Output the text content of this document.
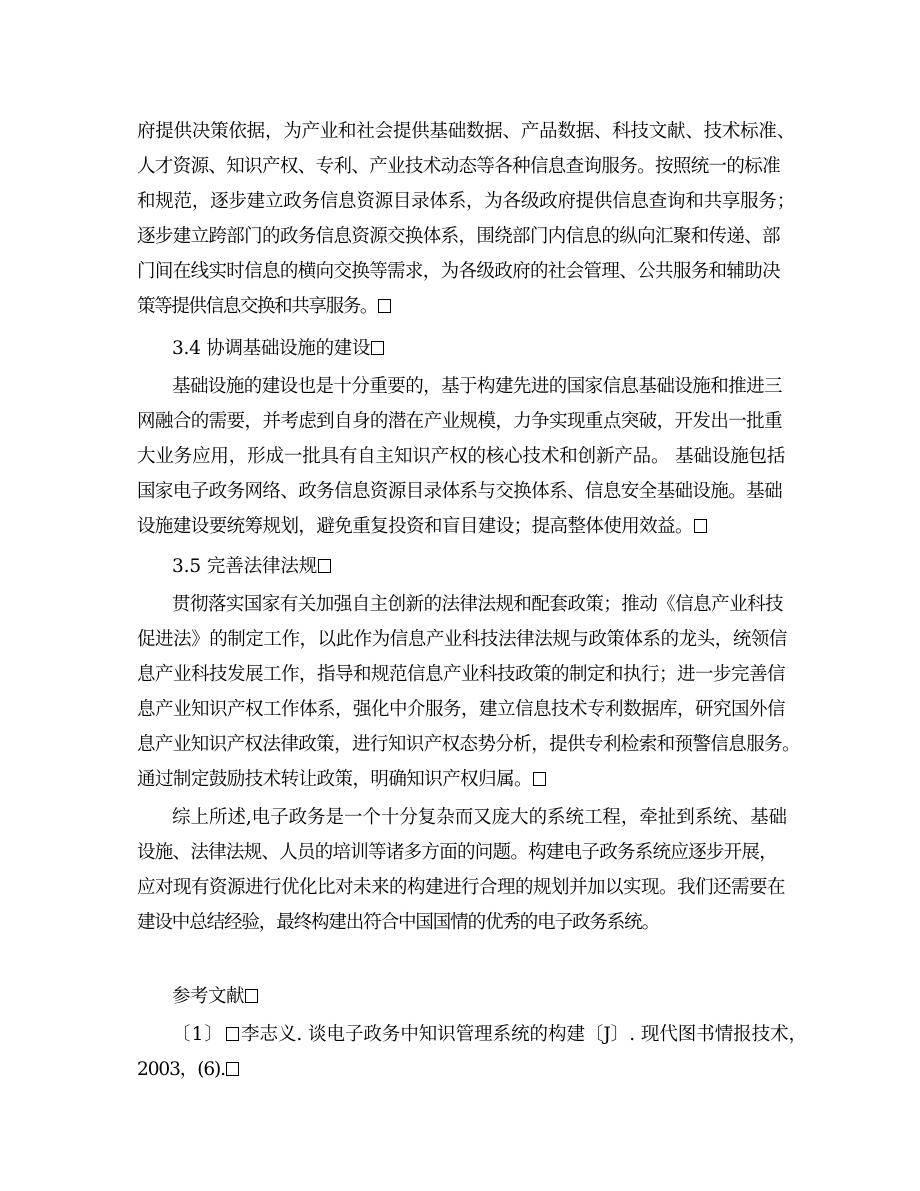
府提供决策依据，为产业和社会提供基础数据、产品数据、科技文献、技术标准、
人才资源、知识产权、专利、产业技术动态等各种信息查询服务。按照统一的标准
和规范，逐步建立政务信息资源目录体系，为各级政府提供信息查询和共享服务；
逐步建立跨部门的政务信息资源交换体系，围绕部门内信息的纵向汇聚和传递、部
门间在线实时信息的横向交换等需求，为各级政府的社会管理、公共服务和辅助决
策等提供信息交换和共享服务。
3.4 协调基础设施的建设
基础设施的建设也是十分重要的，基于构建先进的国家信息基础设施和推进三
网融合的需要，并考虑到自身的潜在产业规模，力争实现重点突破，开发出一批重
大业务应用，形成一批具有自主知识产权的核心技术和创新产品。 基础设施包括
国家电子政务网络、政务信息资源目录体系与交换体系、信息安全基础设施。基础
设施建设要统筹规划，避免重复投资和盲目建设；提高整体使用效益。
3.5 完善法律法规
贯彻落实国家有关加强自主创新的法律法规和配套政策；推动《信息产业科技
促进法》的制定工作，以此作为信息产业科技法律法规与政策体系的龙头，统领信
息产业科技发展工作，指导和规范信息产业科技政策的制定和执行；进一步完善信
息产业知识产权工作体系，强化中介服务，建立信息技术专利数据库，研究国外信
息产业知识产权法律政策，进行知识产权态势分析，提供专利检索和预警信息服务。
通过制定鼓励技术转让政策，明确知识产权归属。
综上所述,电子政务是一个十分复杂而又庞大的系统工程，牵扯到系统、基础
设施、法律法规、人员的培训等诸多方面的问题。构建电子政务系统应逐步开展，
应对现有资源进行优化比对未来的构建进行合理的规划并加以实现。我们还需要在
建设中总结经验，最终构建出符合中国国情的优秀的电子政务系统。
参考文献
〔1〕 李志义. 谈电子政务中知识管理系统的构建〔J〕. 现代图书情报技术，
2003，(6).
